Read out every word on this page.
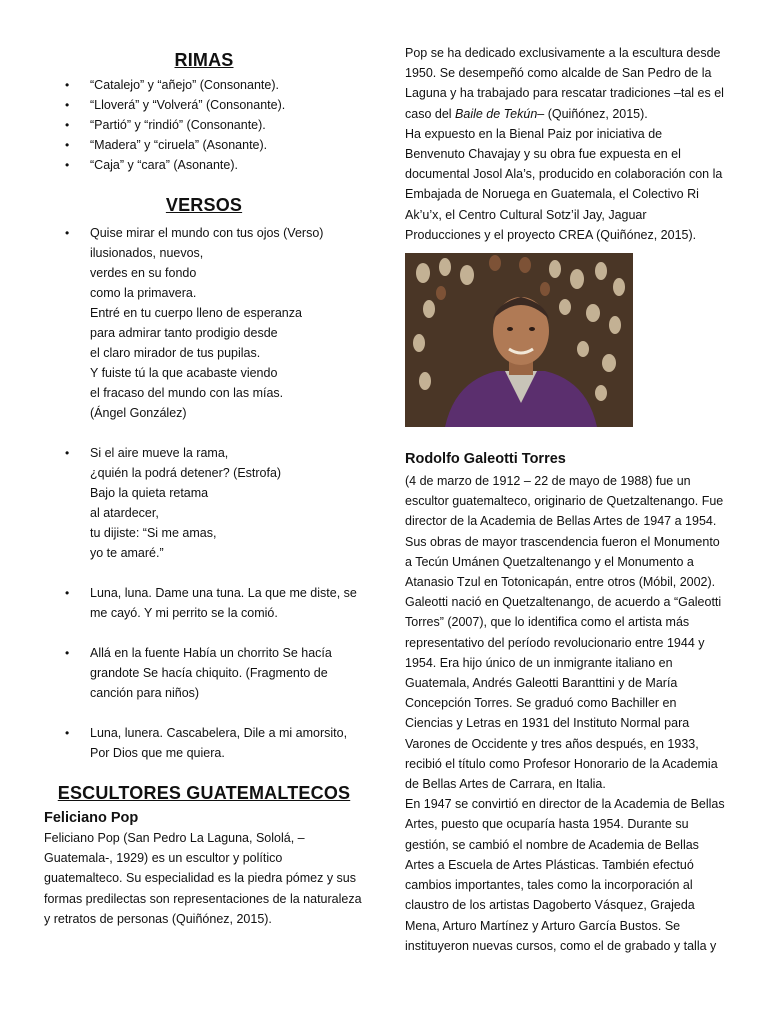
RIMAS
• “Catalejo” y “añejo” (Consonante).
• “Lloverá” y “Volverá” (Consonante).
• “Partió” y “rindió” (Consonante).
• “Madera” y “ciruela” (Asonante).
• “Caja” y “cara” (Asonante).
VERSOS
• Quise mirar el mundo con tus ojos (Verso)
ilusionados, nuevos,
verdes en su fondo
como la primavera.
Entré en tu cuerpo lleno de esperanza
para admirar tanto prodigio desde
el claro mirador de tus pupilas.
Y fuiste tú la que acabaste viendo
el fracaso del mundo con las mías.
(Ángel González)
• Si el aire mueve la rama,
¿quién la podrá detener? (Estrofa)
Bajo la quieta retama
al atardecer,
tu dijiste: “Si me amas,
yo te amaré.”
• Luna, luna. Dame una tuna. La que me diste, se
me cayó. Y mi perrito se la comió.
• Allá en la fuente Había un chorrito Se hacía
grandote Se hacía chiquito. (Fragmento de
canción para niños)
• Luna, lunera. Cascabelera, Dile a mi amorsito,
Por Dios que me quiera.
ESCULTORES GUATEMALTECOS
Feliciano Pop

Feliciano Pop (San Pedro La Laguna, Sololá, – Guatemala-, 1929) es un escultor y político guatemalteco. Su especialidad es la piedra pómez y sus formas predilectas son representaciones de la naturaleza y retratos de personas (Quiñónez, 2015).

Pop se ha dedicado exclusivamente a la escultura desde 1950. Se desempeñó como alcalde de San Pedro de la Laguna y ha trabajado para rescatar tradiciones –tal es el caso del Baile de Tekún– (Quiñónez, 2015).

Ha expuesto en la Bienal Paiz por iniciativa de Benvenuto Chavajay y su obra fue expuesta en el documental Josol Ala’s, producido en colaboración con la Embajada de Noruega en Guatemala, el Colectivo Ri Ak’u’x, el Centro Cultural Sotz’il Jay, Jaguar Producciones y el proyecto CREA (Quiñónez, 2015).

Rodolfo Galeotti Torres

(4 de marzo de 1912 – 22 de mayo de 1988) fue un escultor guatemalteco, originario de Quetzaltenango. Fue director de la Academia de Bellas Artes de 1947 a 1954. Sus obras de mayor trascendencia fueron el Monumento a Tecún Umánen Quetzaltenango y el Monumento a Atanasio Tzul en Totonicapán, entre otros (Móbil, 2002).

Galeotti nació en Quetzaltenango, de acuerdo a “Galeotti Torres” (2007), que lo identifica como el artista más representativo del período revolucionario entre 1944 y 1954. Era hijo único de un inmigrante italiano en Guatemala, Andrés Galeotti Baranttini y de María Concepción Torres. Se graduó como Bachiller en Ciencias y Letras en 1931 del Instituto Normal para Varones de Occidente y tres años después, en 1933, recibió el título como Profesor Honorario de la Academia de Bellas Artes de Carrara, en Italia.

En 1947 se convirtió en director de la Academia de Bellas Artes, puesto que ocuparía hasta 1954. Durante su gestión, se cambió el nombre de Academia de Bellas Artes a Escuela de Artes Plásticas. También efectuó cambios importantes, tales como la incorporación al claustro de los artistas Dagoberto Vásquez, Grajeda Mena, Arturo Martínez y Arturo García Bustos. Se instituyeron nuevas cursos, como el de grabado y talla y
